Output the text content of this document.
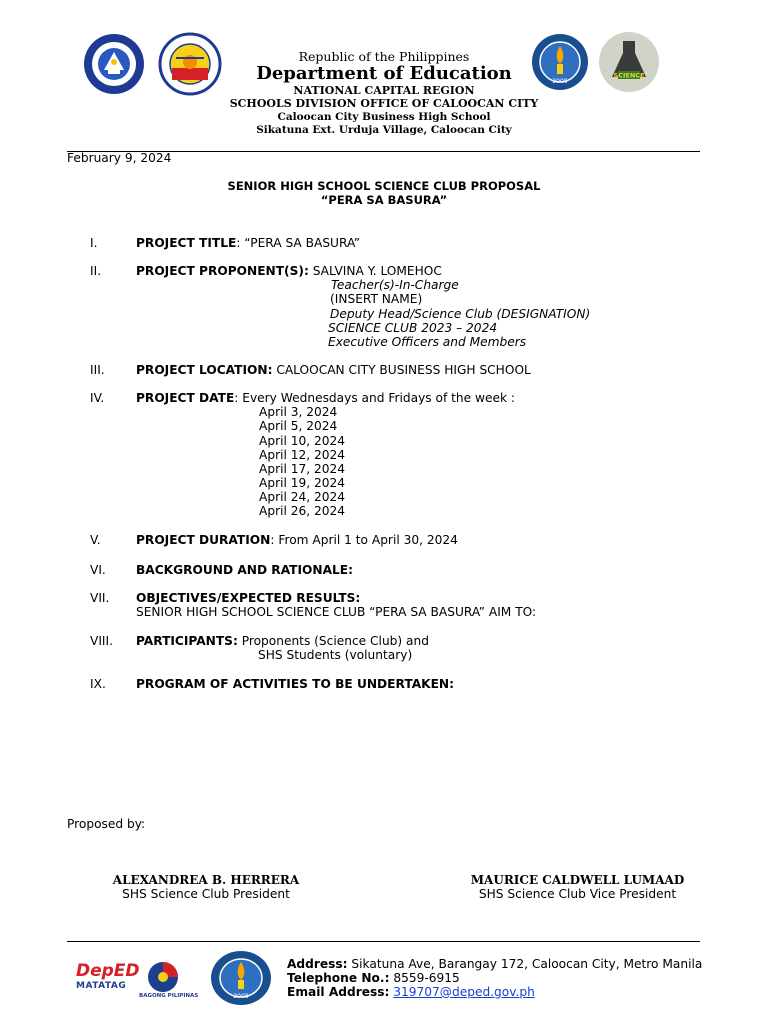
2008
SCIENCE
Republic of the Philippines
Department of Education
NATIONAL CAPITAL REGION
SCHOOLS DIVISION OFFICE OF CALOOCAN CITY
Caloocan City Business High School
Sikatuna Ext. Urduja Village, Caloocan City
February 9, 2024
SENIOR HIGH SCHOOL SCIENCE CLUB PROPOSAL
“PERA SA BASURA”
I.	PROJECT TITLE: “PERA SA BASURA”
II.	PROJECT PROPONENT(S): SALVINA Y. LOMEHOC
Teacher(s)-In-Charge
(INSERT NAME)
Deputy Head/Science Club (DESIGNATION)
SCIENCE CLUB 2023 – 2024
Executive Officers and Members
III.	PROJECT LOCATION: CALOOCAN CITY BUSINESS HIGH SCHOOL
IV.	PROJECT DATE: Every Wednesdays and Fridays of the week :
April 3, 2024
April 5, 2024
April 10, 2024
April 12, 2024
April 17, 2024
April 19, 2024
April 24, 2024
April 26, 2024
V.	PROJECT DURATION: From April 1 to April 30, 2024
VI. BACKGROUND AND RATIONALE:
VII. OBJECTIVES/EXPECTED RESULTS:
SENIOR HIGH SCHOOL SCIENCE CLUB “PERA SA BASURA” AIM TO:
VIII. PARTICIPANTS: Proponents (Science Club) and
SHS Students (voluntary)
IX. PROGRAM OF ACTIVITIES TO BE UNDERTAKEN:
Proposed by:
ALEXANDREA B. HERRERA
SHS Science Club President
MAURICE CALDWELL LUMAAD
SHS Science Club Vice President
DepED
MATATAG
BAGONG PILIPINAS	2008
Address: Sikatuna Ave, Barangay 172, Caloocan City, Metro Manila
Telephone No.: 8559-6915
Email Address: 319707@deped.gov.ph
